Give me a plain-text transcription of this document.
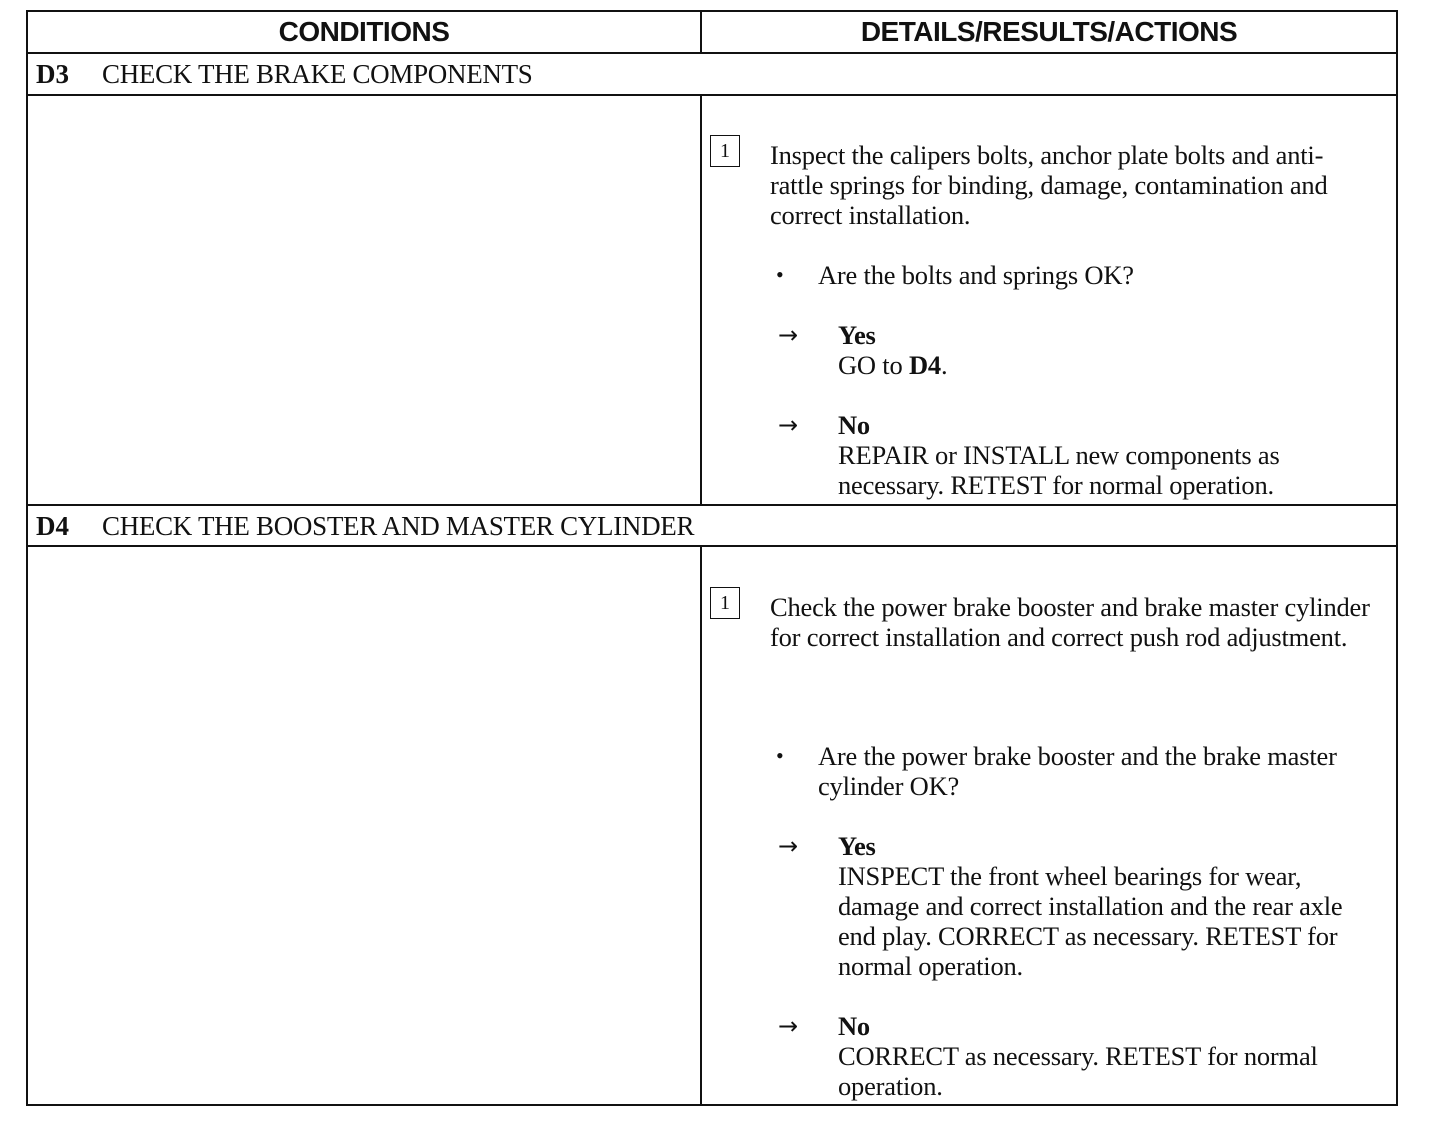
CONDITIONS	DETAILS/RESULTS/ACTIONS
D3	CHECK THE BRAKE COMPONENTS
1	Inspect the calipers bolts, anchor plate bolts and anti-rattle springs for binding, damage, contamination and correct installation.
• Are the bolts and springs OK?
→ Yes
GO to D4.
→ No
REPAIR or INSTALL new components as necessary. RETEST for normal operation.
D4	CHECK THE BOOSTER AND MASTER CYLINDER
1	Check the power brake booster and brake master cylinder for correct installation and correct push rod adjustment.
• Are the power brake booster and the brake master cylinder OK?
→ Yes
INSPECT the front wheel bearings for wear, damage and correct installation and the rear axle end play. CORRECT as necessary. RETEST for normal operation.
→ No
CORRECT as necessary. RETEST for normal operation.
